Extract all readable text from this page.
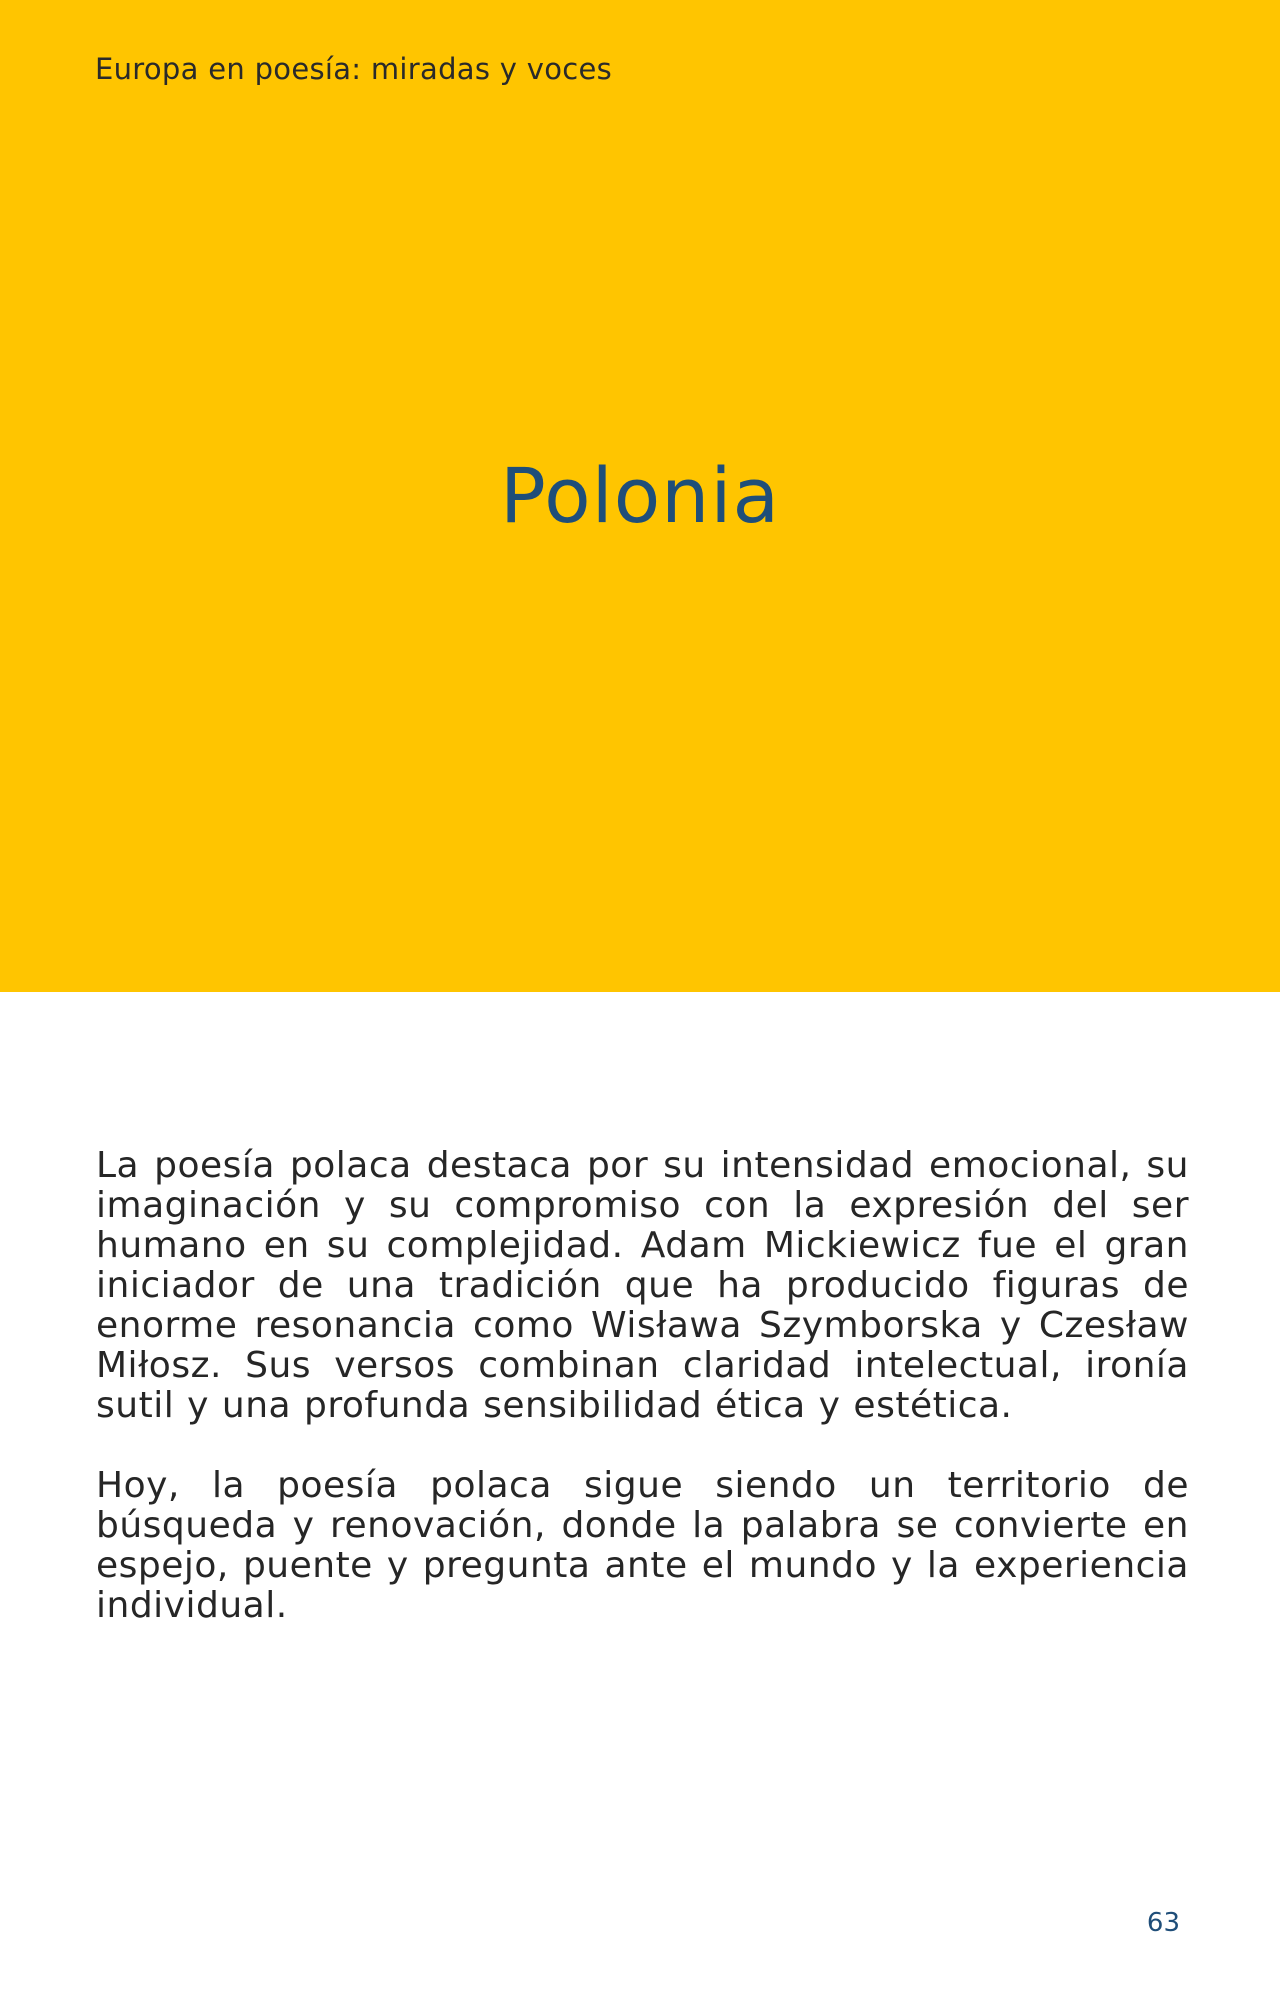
Europa en poesía: miradas y voces
Polonia

La poesía polaca destaca por su intensidad emocional, su imaginación y su compromiso con la expresión del ser humano en su complejidad. Adam Mickiewicz fue el gran iniciador de una tradición que ha producido figuras de enorme resonancia como Wisława Szymborska y Czesław Miłosz. Sus versos combinan claridad intelectual, ironía sutil y una profunda sensibilidad ética y estética.

Hoy, la poesía polaca sigue siendo un territorio de búsqueda y renovación, donde la palabra se convierte en espejo, puente y pregunta ante el mundo y la experiencia individual.

63
